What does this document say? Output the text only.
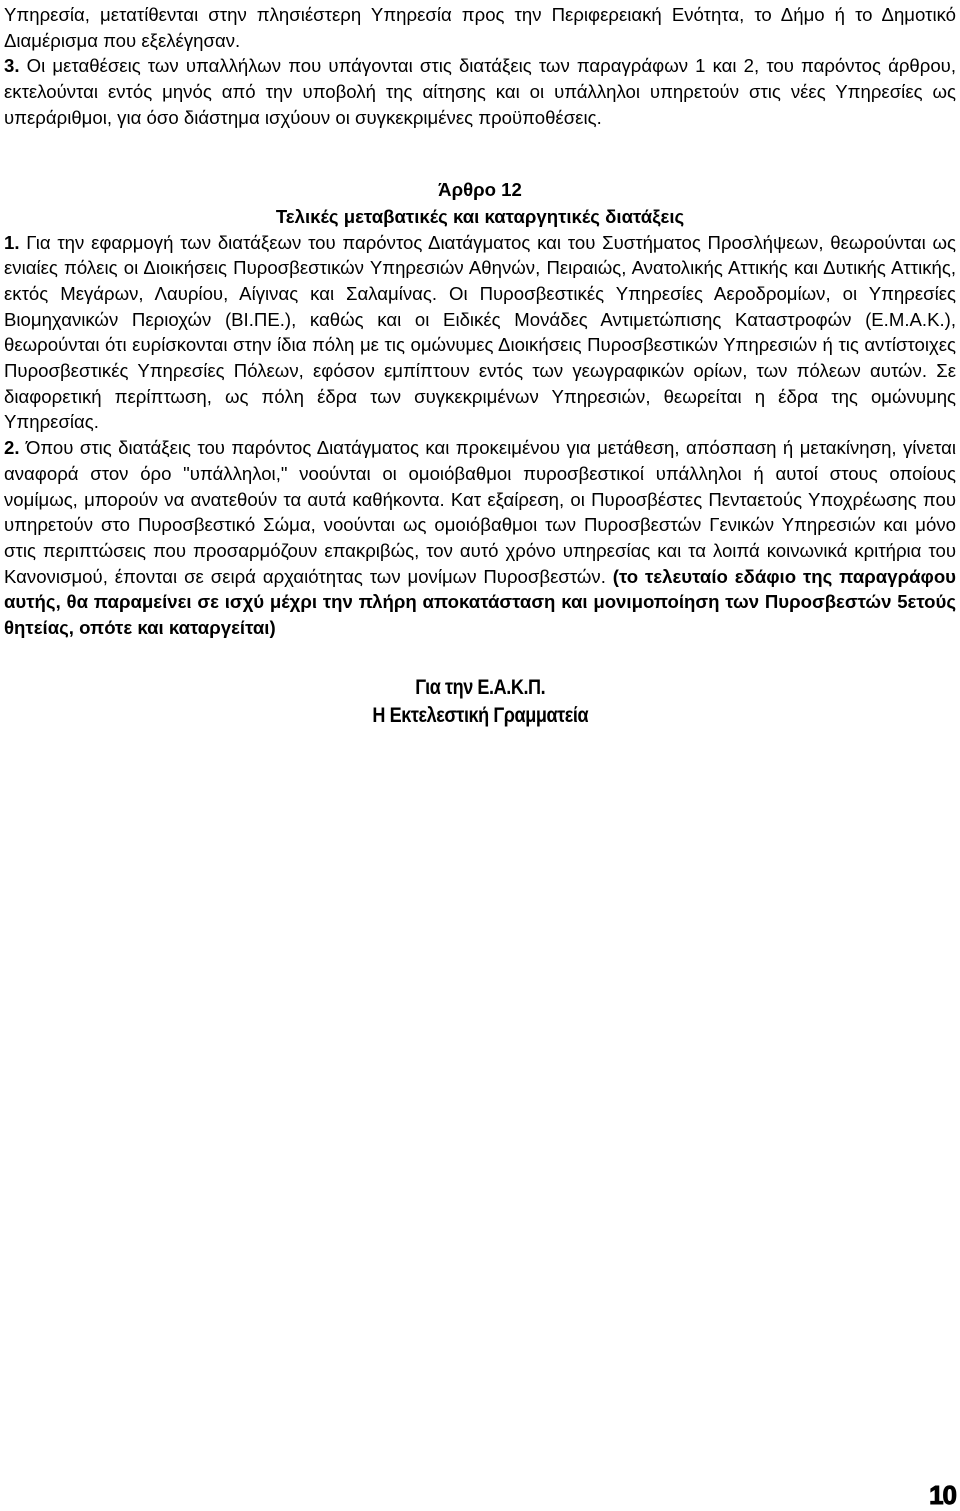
Υπηρεσία, μετατίθενται στην πλησιέστερη Υπηρεσία προς την Περιφερειακή Ενότητα, το Δήμο ή το Δημοτικό Διαμέρισμα που εξελέγησαν.

3. Οι μεταθέσεις των υπαλλήλων που υπάγονται στις διατάξεις των παραγράφων 1 και 2, του παρόντος άρθρου, εκτελούνται εντός μηνός από την υποβολή της αίτησης και οι υπάλληλοι υπηρετούν στις νέες Υπηρεσίες ως υπεράριθμοι, για όσο διάστημα ισχύουν οι συγκεκριμένες προϋποθέσεις.

Άρθρο 12
Τελικές μεταβατικές και καταργητικές διατάξεις

1. Για την εφαρμογή των διατάξεων του παρόντος Διατάγματος και του Συστήματος Προσλήψεων, θεωρούνται ως ενιαίες πόλεις οι Διοικήσεις Πυροσβεστικών Υπηρεσιών Αθηνών, Πειραιώς, Ανατολικής Αττικής και Δυτικής Αττικής, εκτός Μεγάρων, Λαυρίου, Αίγινας και Σαλαμίνας. Οι Πυροσβεστικές Υπηρεσίες Αεροδρομίων, οι Υπηρεσίες Βιομηχανικών Περιοχών (ΒΙ.ΠΕ.), καθώς και οι Ειδικές Μονάδες Αντιμετώπισης Καταστροφών (Ε.Μ.Α.Κ.), θεωρούνται ότι ευρίσκονται στην ίδια πόλη με τις ομώνυμες Διοικήσεις Πυροσβεστικών Υπηρεσιών ή τις αντίστοιχες Πυροσβεστικές Υπηρεσίες Πόλεων, εφόσον εμπίπτουν εντός των γεωγραφικών ορίων, των πόλεων αυτών. Σε διαφορετική περίπτωση, ως πόλη έδρα των συγκεκριμένων Υπηρεσιών, θεωρείται η έδρα της ομώνυμης Υπηρεσίας.

2. Όπου στις διατάξεις του παρόντος Διατάγματος και προκειμένου για μετάθεση, απόσπαση ή μετακίνηση, γίνεται αναφορά στον όρο "υπάλληλοι," νοούνται οι ομοιόβαθμοι πυροσβεστικοί υπάλληλοι ή αυτοί στους οποίους νομίμως, μπορούν να ανατεθούν τα αυτά καθήκοντα. Κατ εξαίρεση, οι Πυροσβέστες Πενταετούς Υποχρέωσης που υπηρετούν στο Πυροσβεστικό Σώμα, νοούνται ως ομοιόβαθμοι των Πυροσβεστών Γενικών Υπηρεσιών και μόνο στις περιπτώσεις που προσαρμόζουν επακριβώς, τον αυτό χρόνο υπηρεσίας και τα λοιπά κοινωνικά κριτήρια του Κανονισμού, έπονται σε σειρά αρχαιότητας των μονίμων Πυροσβεστών. (το τελευταίο εδάφιο της παραγράφου αυτής, θα παραμείνει σε ισχύ μέχρι την πλήρη αποκατάσταση και μονιμοποίηση των Πυροσβεστών 5ετούς θητείας, οπότε και καταργείται)

Για την Ε.Α.Κ.Π.
Η Εκτελεστική Γραμματεία
10
